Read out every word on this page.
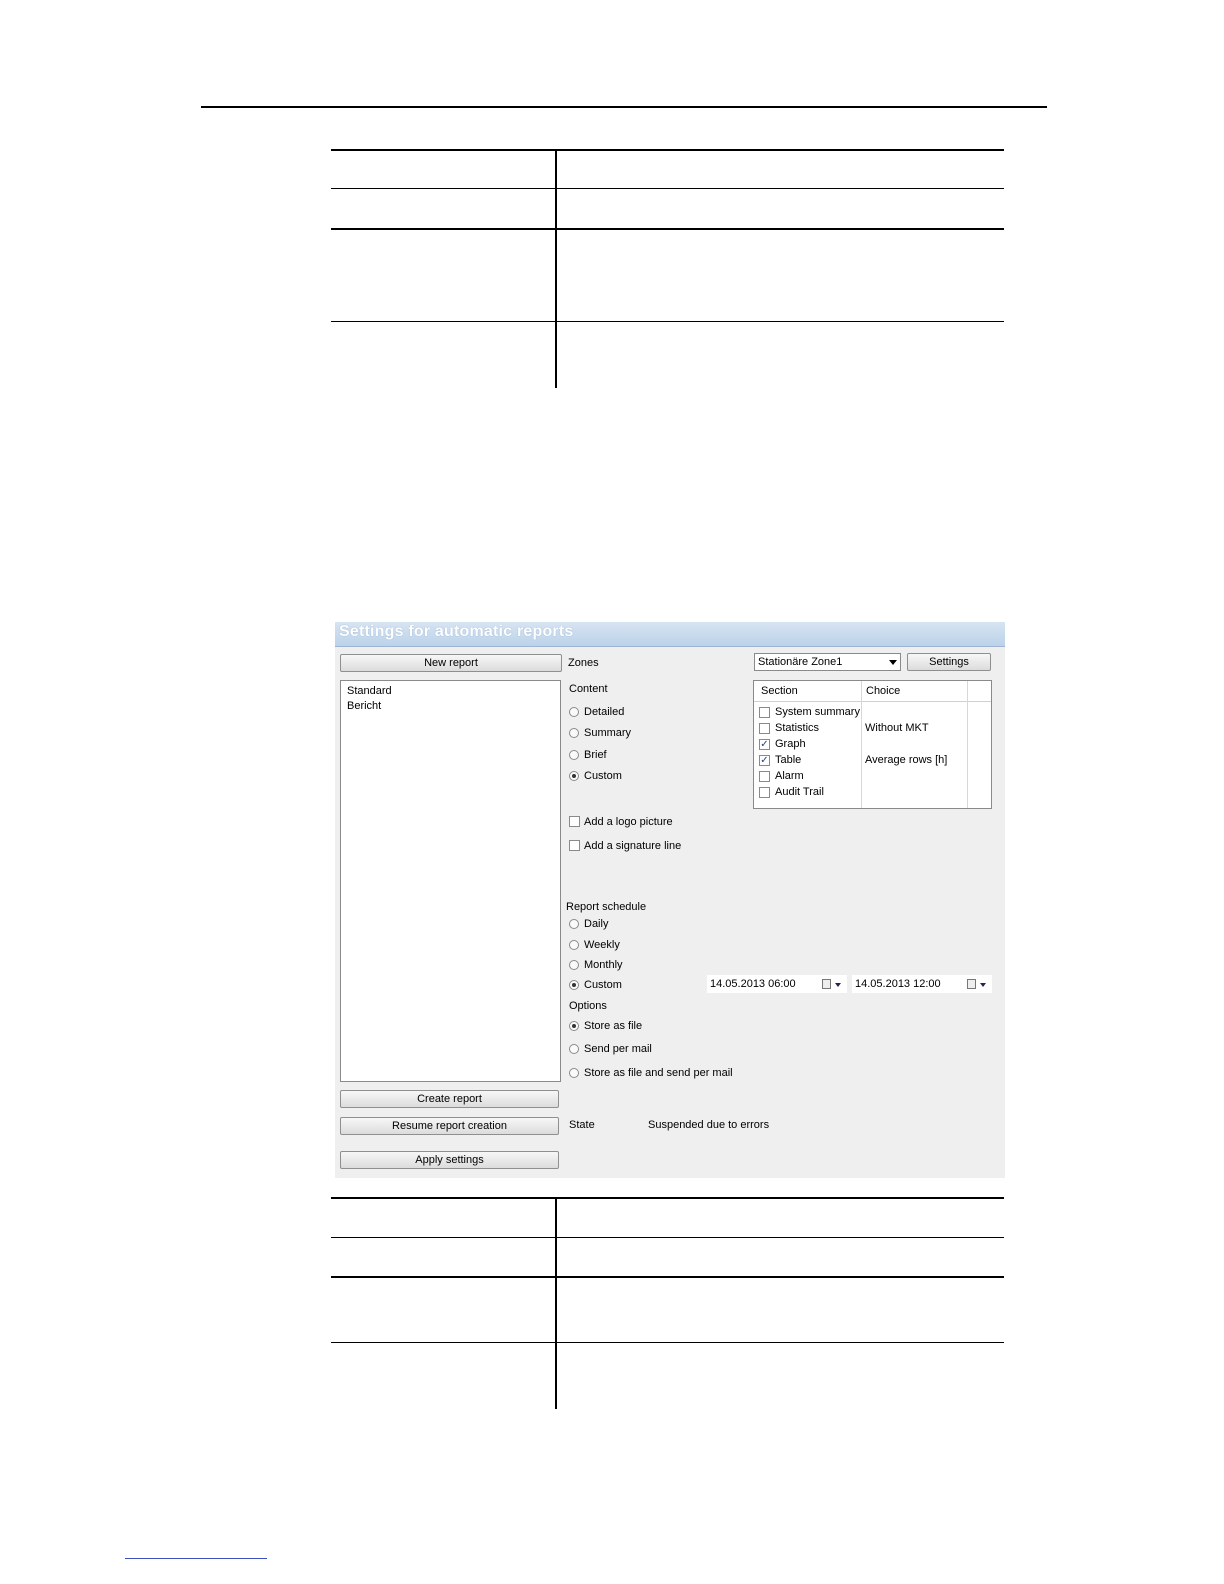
Settings for automatic reports
New report
Standard
Bericht
Create report
Resume report creation
Apply settings
Zones	Stationäre Zone1	Settings
Content
Detailed
Summary
Brief
Custom
Section	Choice
System summary
Statistics	Without MKT
✓ Graph
✓ Table	Average rows [h]
Alarm
Audit Trail
Add a logo picture
Add a signature line
Report schedule
Daily
Weekly
Monthly
Custom	14.05.2013 06:00	14.05.2013 12:00
Options
Store as file
Send per mail
Store as file and send per mail
State	Suspended due to errors
